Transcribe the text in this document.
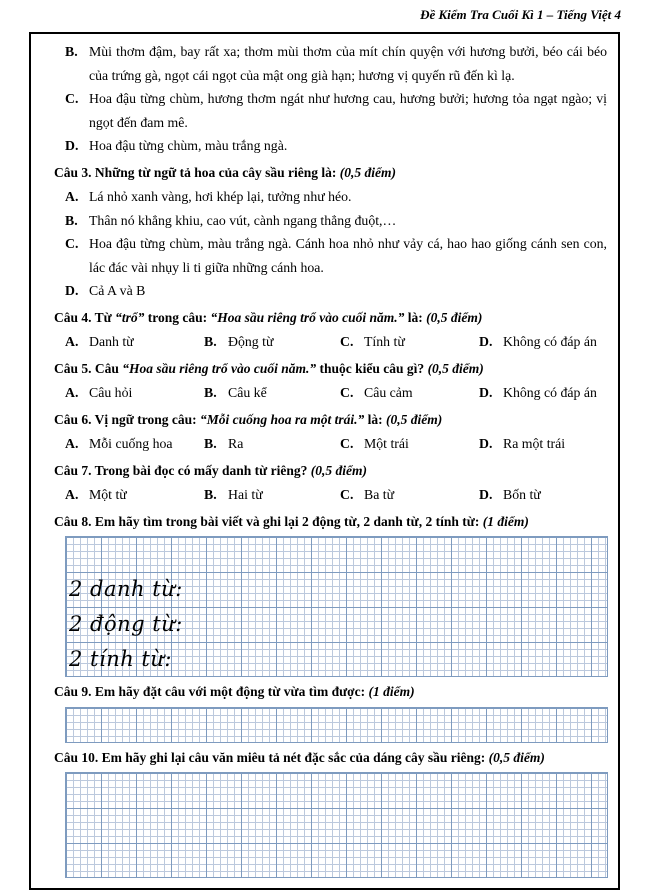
Đề Kiểm Tra Cuối Kì 1 – Tiếng Việt 4
B. Mùi thơm đậm, bay rất xa; thơm mùi thơm của mít chín quyện với hương bưởi, béo cái béo của trứng gà, ngọt cái ngọt của mật ong già hạn; hương vị quyến rũ đến kì lạ.
C. Hoa đậu từng chùm, hương thơm ngát như hương cau, hương bưởi; hương tỏa ngạt ngào; vị ngọt đến đam mê.
D. Hoa đậu từng chùm, màu trắng ngà.
Câu 3. Những từ ngữ tả hoa của cây sầu riêng là: (0,5 điểm)
A. Lá nhỏ xanh vàng, hơi khép lại, tưởng như héo.
B. Thân nó khẳng khiu, cao vút, cành ngang thẳng đuột,…
C. Hoa đậu từng chùm, màu trắng ngà. Cánh hoa nhỏ như vảy cá, hao hao giống cánh sen con, lác đác vài nhụy li ti giữa những cánh hoa.
D. Cả A và B
Câu 4. Từ “trổ” trong câu: “Hoa sầu riêng trổ vào cuối năm.” là: (0,5 điểm)
A. Danh từ	B. Động từ	C. Tính từ	D. Không có đáp án
Câu 5. Câu “Hoa sầu riêng trổ vào cuối năm.” thuộc kiểu câu gì? (0,5 điểm)
A. Câu hỏi	B. Câu kể	C. Câu cảm	D. Không có đáp án
Câu 6. Vị ngữ trong câu: “Mỗi cuống hoa ra một trái.” là: (0,5 điểm)
A. Mỗi cuống hoa	B. Ra	C. Một trái	D. Ra một trái
Câu 7. Trong bài đọc có mấy danh từ riêng? (0,5 điểm)
A. Một từ	B. Hai từ	C. Ba từ	D. Bốn từ
Câu 8. Em hãy tìm trong bài viết và ghi lại 2 động từ, 2 danh từ, 2 tính từ: (1 điểm)
2 danh từ:
2 động từ:
2 tính từ:
Câu 9. Em hãy đặt câu với một động từ vừa tìm được: (1 điểm)
Câu 10. Em hãy ghi lại câu văn miêu tả nét đặc sắc của dáng cây sầu riêng: (0,5 điểm)
